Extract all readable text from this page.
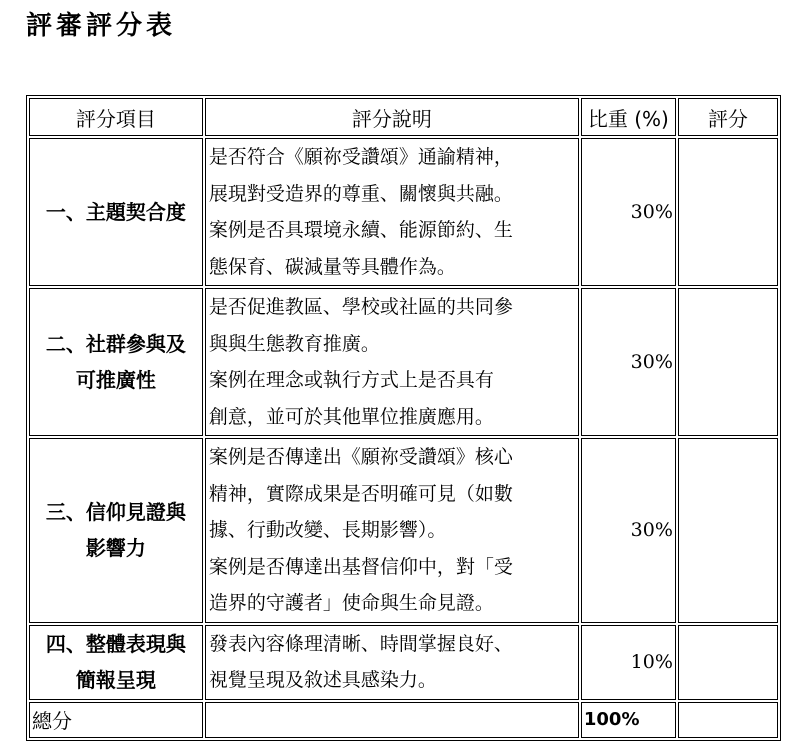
評審評分表
評分項目	評分說明	比重 (%)	評分
一、主題契合度	是否符合《願祢受讚頌》通諭精神，
展現對受造界的尊重、關懷與共融。
案例是否具環境永續、能源節約、生
態保育、碳減量等具體作為。	30%	

二、社群參與及
可推廣性	是否促進教區、學校或社區的共同參
與與生態教育推廣。
案例在理念或執行方式上是否具有
創意，並可於其他單位推廣應用。	30%	

三、信仰見證與
影響力	案例是否傳達出《願祢受讚頌》核心
精神，實際成果是否明確可見（如數
據、行動改變、長期影響）。
案例是否傳達出基督信仰中，對「受
造界的守護者」使命與生命見證。	30%	

四、整體表現與
簡報呈現	發表內容條理清晰、時間掌握良好、
視覺呈現及敘述具感染力。	10%	
總分		100%	
